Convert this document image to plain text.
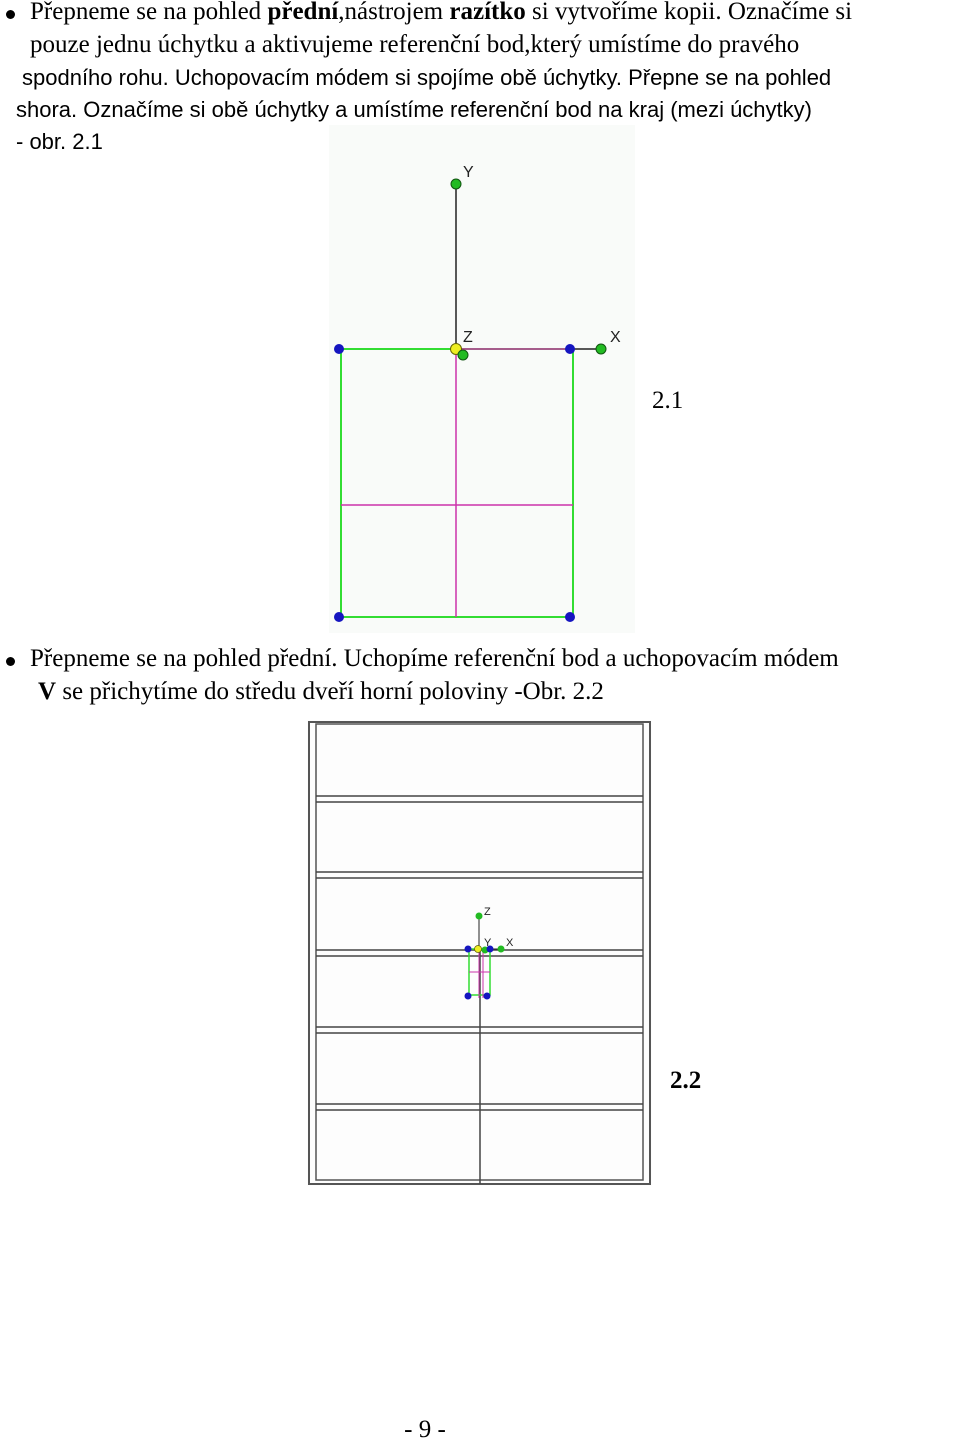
Přepneme se na pohled přední,nástrojem razítko si vytvoříme kopii. Označíme si
pouze jednu úchytku a aktivujeme referenční bod,který umístíme do pravého
spodního rohu. Uchopovacím módem si spojíme obě úchytky. Přepne se na pohled
shora. Označíme si obě úchytky a umístíme referenční bod na kraj (mezi úchytky)
- obr. 2.1
Y
Z	X
2.1
Přepneme se na pohled přední. Uchopíme referenční bod a uchopovacím módem
V se přichytíme do středu dveří horní poloviny -Obr. 2.2
Z
Y X
2.2
- 9 -
